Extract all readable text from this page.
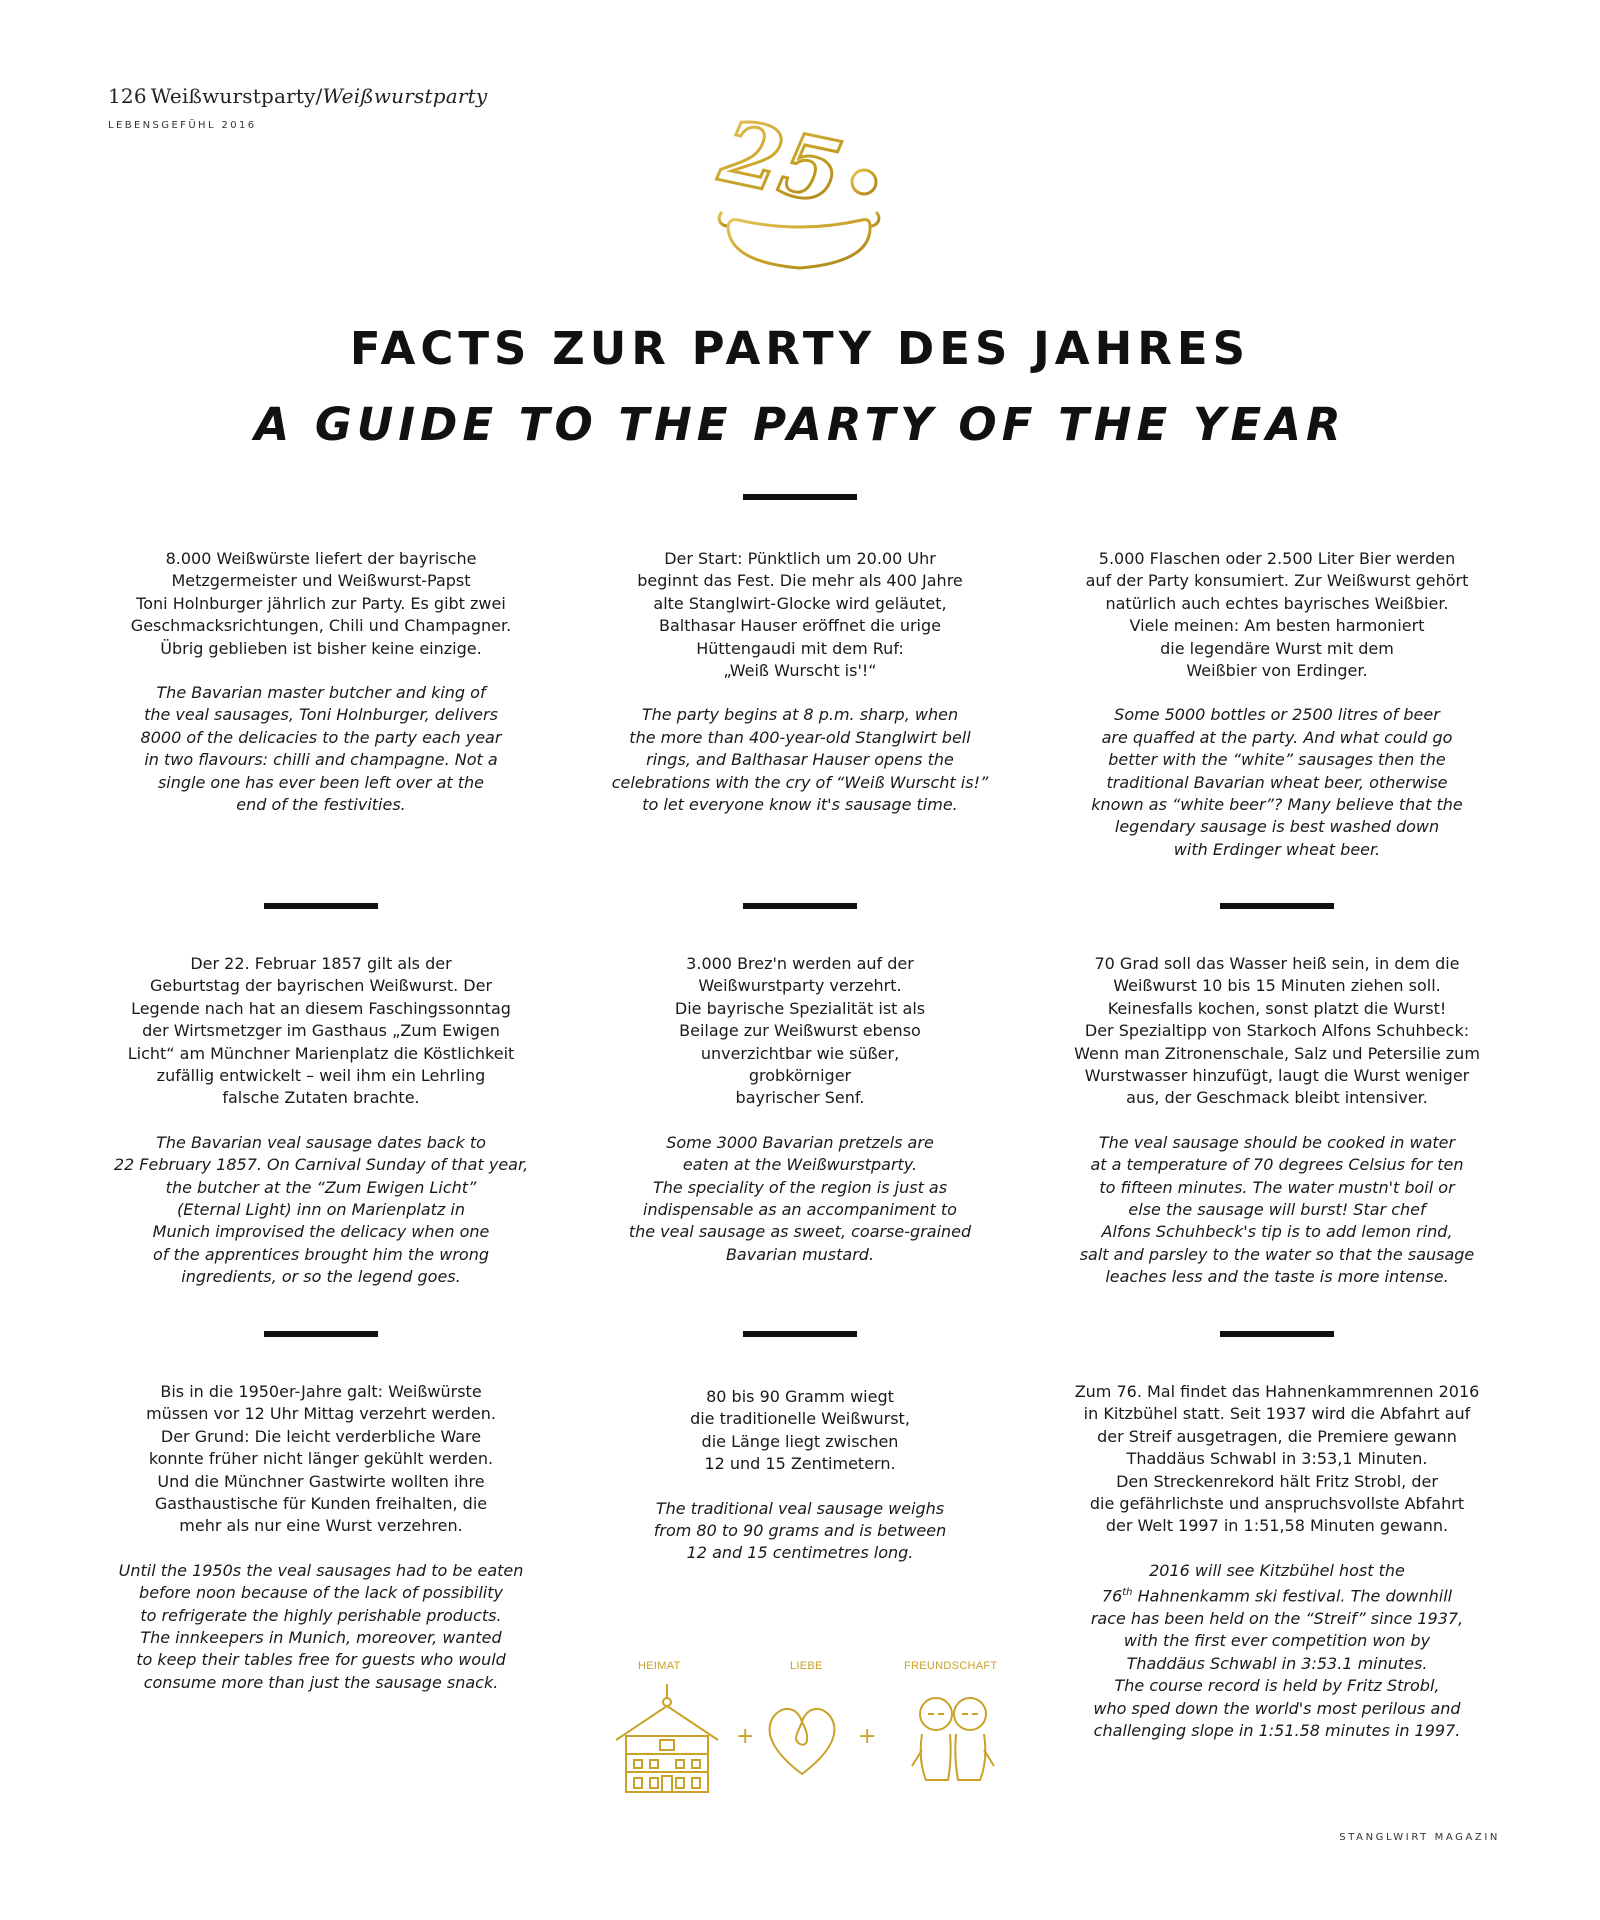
126 Weißwurstparty/Weißwurstparty
LEBENSGEFÜHL 2016	25
FACTS ZUR PARTY DES JAHRES
A GUIDE TO THE PARTY OF THE YEAR

8.000 Weißwürste liefert der bayrische
Metzgermeister und Weißwurst-Papst
Toni Holnburger jährlich zur Party. Es gibt zwei
Geschmacksrichtungen, Chili und Champagner.
Übrig geblieben ist bisher keine einzige.

The Bavarian master butcher and king of
the veal sausages, Toni Holnburger, delivers
8000 of the delicacies to the party each year
in two flavours: chilli and champagne. Not a
single one has ever been left over at the
end of the festivities.

Der Start: Pünktlich um 20.00 Uhr
beginnt das Fest. Die mehr als 400 Jahre
alte Stanglwirt-Glocke wird geläutet,
Balthasar Hauser eröffnet die urige
Hüttengaudi mit dem Ruf:
„Weiß Wurscht is'!“

The party begins at 8 p.m. sharp, when
the more than 400-year-old Stanglwirt bell
rings, and Balthasar Hauser opens the
celebrations with the cry of “Weiß Wurscht is!”
to let everyone know it's sausage time.

5.000 Flaschen oder 2.500 Liter Bier werden
auf der Party konsumiert. Zur Weißwurst gehört
natürlich auch echtes bayrisches Weißbier.
Viele meinen: Am besten harmoniert
die legendäre Wurst mit dem
Weißbier von Erdinger.

Some 5000 bottles or 2500 litres of beer
are quaffed at the party. And what could go
better with the “white” sausages then the
traditional Bavarian wheat beer, otherwise
known as “white beer”? Many believe that the
legendary sausage is best washed down
with Erdinger wheat beer.

Der 22. Februar 1857 gilt als der
Geburtstag der bayrischen Weißwurst. Der
Legende nach hat an diesem Faschingssonntag
der Wirtsmetzger im Gasthaus „Zum Ewigen
Licht“ am Münchner Marienplatz die Köstlichkeit
zufällig entwickelt – weil ihm ein Lehrling
falsche Zutaten brachte.

The Bavarian veal sausage dates back to
22 February 1857. On Carnival Sunday of that year,
the butcher at the “Zum Ewigen Licht”
(Eternal Light) inn on Marienplatz in
Munich improvised the delicacy when one
of the apprentices brought him the wrong
ingredients, or so the legend goes.

3.000 Brez'n werden auf der
Weißwurstparty verzehrt.
Die bayrische Spezialität ist als
Beilage zur Weißwurst ebenso
unverzichtbar wie süßer,
grobkörniger
bayrischer Senf.

Some 3000 Bavarian pretzels are
eaten at the Weißwurstparty.
The speciality of the region is just as
indispensable as an accompaniment to
the veal sausage as sweet, coarse-grained
Bavarian mustard.

70 Grad soll das Wasser heiß sein, in dem die
Weißwurst 10 bis 15 Minuten ziehen soll.
Keinesfalls kochen, sonst platzt die Wurst!
Der Spezialtipp von Starkoch Alfons Schuhbeck:
Wenn man Zitronenschale, Salz und Petersilie zum
Wurstwasser hinzufügt, laugt die Wurst weniger
aus, der Geschmack bleibt intensiver.

The veal sausage should be cooked in water
at a temperature of 70 degrees Celsius for ten
to fifteen minutes. The water mustn't boil or
else the sausage will burst! Star chef
Alfons Schuhbeck's tip is to add lemon rind,
salt and parsley to the water so that the sausage
leaches less and the taste is more intense.

Bis in die 1950er-Jahre galt: Weißwürste
müssen vor 12 Uhr Mittag verzehrt werden.
Der Grund: Die leicht verderbliche Ware
konnte früher nicht länger gekühlt werden.
Und die Münchner Gastwirte wollten ihre
Gasthaustische für Kunden freihalten, die
mehr als nur eine Wurst verzehren.

Until the 1950s the veal sausages had to be eaten
before noon because of the lack of possibility
to refrigerate the highly perishable products.
The innkeepers in Munich, moreover, wanted
to keep their tables free for guests who would
consume more than just the sausage snack.

80 bis 90 Gramm wiegt
die traditionelle Weißwurst,
die Länge liegt zwischen
12 und 15 Zentimetern.

The traditional veal sausage weighs
from 80 to 90 grams and is between
12 and 15 centimetres long.

Zum 76. Mal findet das Hahnenkammrennen 2016
in Kitzbühel statt. Seit 1937 wird die Abfahrt auf
der Streif ausgetragen, die Premiere gewann
Thaddäus Schwabl in 3:53,1 Minuten.
Den Streckenrekord hält Fritz Strobl, der
die gefährlichste und anspruchsvollste Abfahrt
der Welt 1997 in 1:51,58 Minuten gewann.

2016 will see Kitzbühel host the
76th Hahnenkamm ski festival. The downhill
race has been held on the “Streif” since 1937,
with the first ever competition won by
Thaddäus Schwabl in 3:53.1 minutes.
The course record is held by Fritz Strobl,
who sped down the world's most perilous and
challenging slope in 1:51.58 minutes in 1997.

HEIMAT	LIEBE	FREUNDSCHAFT
+	+
STANGLWIRT MAGAZIN
